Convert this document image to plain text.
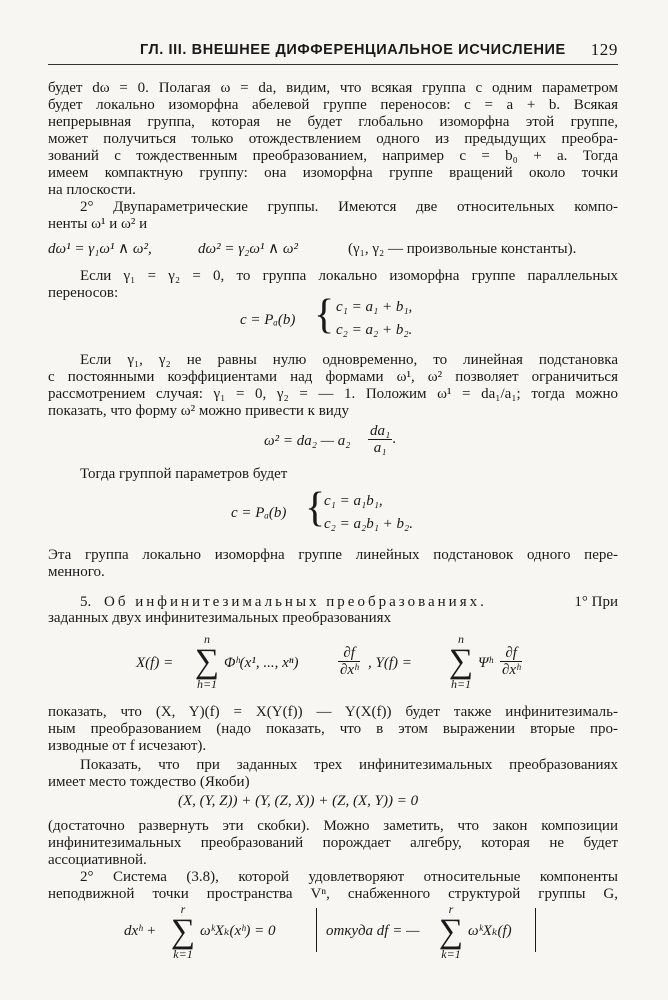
ГЛ. III. ВНЕШНЕЕ ДИФФЕРЕНЦИАЛЬНОЕ ИСЧИСЛЕНИЕ 129
будет dω = 0. Полагая ω = da, видим, что всякая группа с одним параметром
будет локально изоморфна абелевой группе переносов: c = a + b. Всякая
непрерывная группа, которая не будет глобально изоморфна этой группе,
может получиться только отождествлением одного из предыдущих преобра-
зований с тождественным преобразованием, например c = b₀ + a. Тогда
имеем компактную группу: она изоморфна группе вращений около точки
на плоскости.
2° Двупараметрические группы. Имеются две относительных компо-
ненты ω¹ и ω² и
dω¹ = γ₁ω¹ ∧ ω²,	dω² = γ₂ω¹ ∧ ω²	(γ₁, γ₂ — произвольные константы).
Если γ₁ = γ₂ = 0, то группа локально изоморфна группе параллельных
переносов:
c = Pₐ(b) { c₁ = a₁ + b₁,
c₂ = a₂ + b₂.
Если γ₁, γ₂ не равны нулю одновременно, то линейная подстановка
с постоянными коэффициентами над формами ω¹, ω² позволяет ограничиться
рассмотрением случая: γ₁ = 0, γ₂ = — 1. Положим ω¹ = da₁/a₁; тогда можно
показать, что форму ω² можно привести к виду
ω² = da₂ — $a_2 \frac{\text{da₁}}{\text{a₁}}$ .
Тогда группой параметров будет
c = Pₐ(b) {
c₁ = a₁b₁,
c₂ = a₂b₁ + b₂.
Эта группа локально изоморфна группе линейных подстановок одного пере-
менного.
5. Об инфинитезимальных преобразованиях.	1° При
заданных двух инфинитезимальных преобразованиях
X(f) =
n
∑
h=1
Φʰ(x¹, ..., xⁿ)	$\frac{\partial f}{\text{∂xʰ}}$ , Y(f) =
n
∑
h=1
Ψʰ $\frac{\partial f}{\text{∂xʰ}}$
показать, что (X, Y)(f) = X(Y(f)) — Y(X(f)) будет также инфинитезималь-
ным преобразованием (надо показать, что в этом выражении вторые про-
изводные от f исчезают).
Показать, что при заданных трех инфинитезимальных преобразованиях
имеет место тождество (Якоби)
(X, (Y, Z)) + (Y, (Z, X)) + (Z, (X, Y)) = 0
(достаточно развернуть эти скобки). Можно заметить, что закон композиции
инфинитезимальных преобразований порождает алгебру, которая не будет
ассоциативной.
2° Система (3.8), которой удовлетворяют относительные компоненты
неподвижной точки пространства Vⁿ, снабженного структурой группы G,
dxʰ +
r
∑
k=1
ωᵏXₖ(xʰ) = 0	откуда df = —
r
∑
k=1
ωᵏXₖ(f)
